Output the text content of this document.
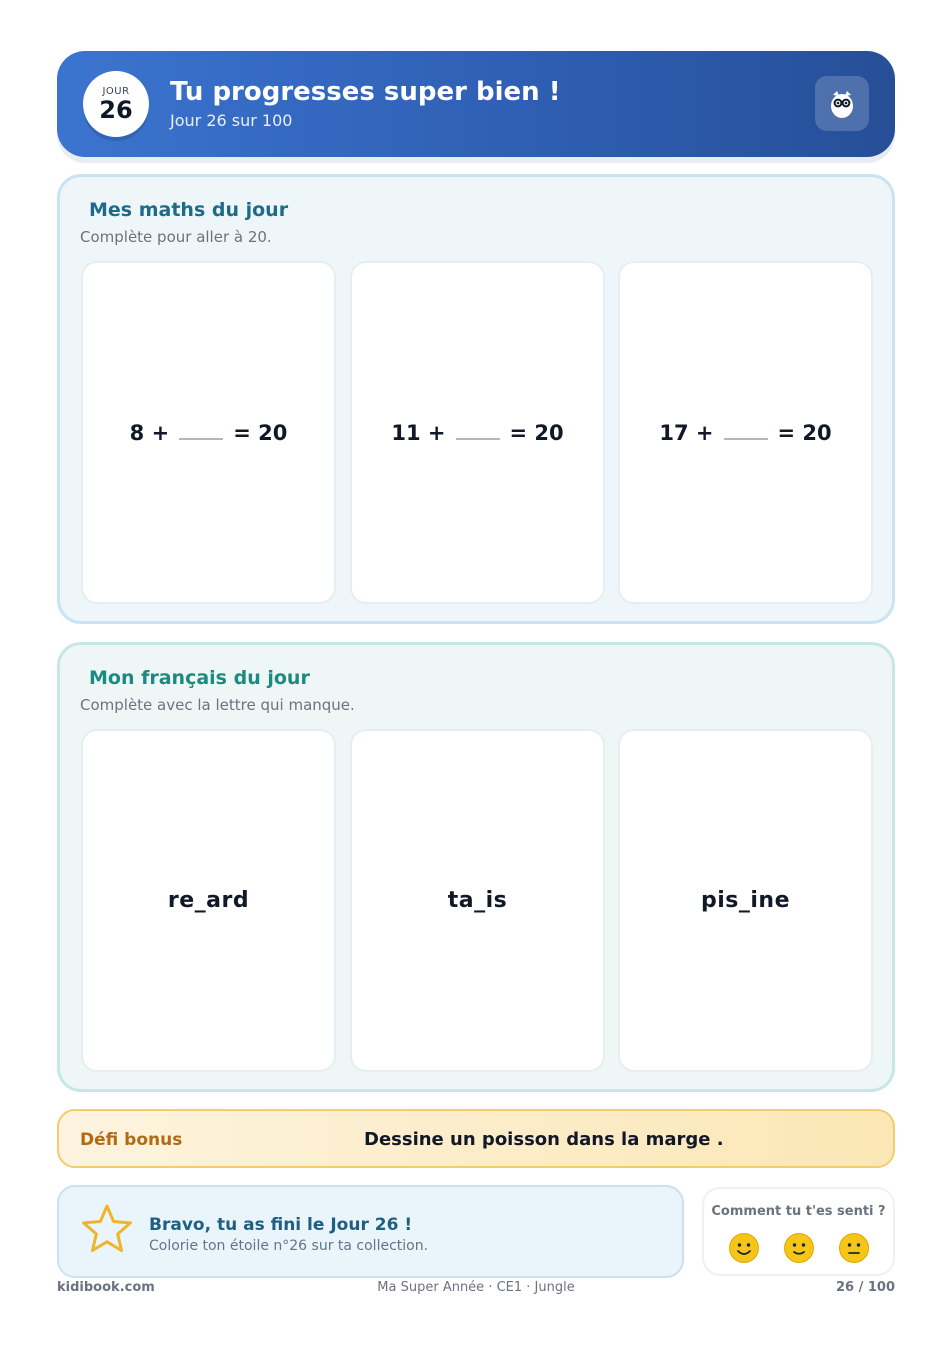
JOUR
26
Tu progresses super bien !
Jour 26 sur 100
Mes maths du jour
Complète pour aller à 20.
8 +	= 20	11 +	= 20	17 +	= 20
Mon français du jour
Complète avec la lettre qui manque.
re_ard	ta_is	pis_ine
Défi bonus	Dessine un poisson dans la marge .
Bravo, tu as fini le Jour 26 !
Colorie ton étoile n°26 sur ta collection.
Comment tu t'es senti ?
kidibook.com	Ma Super Année · CE1 · Jungle	26 / 100
